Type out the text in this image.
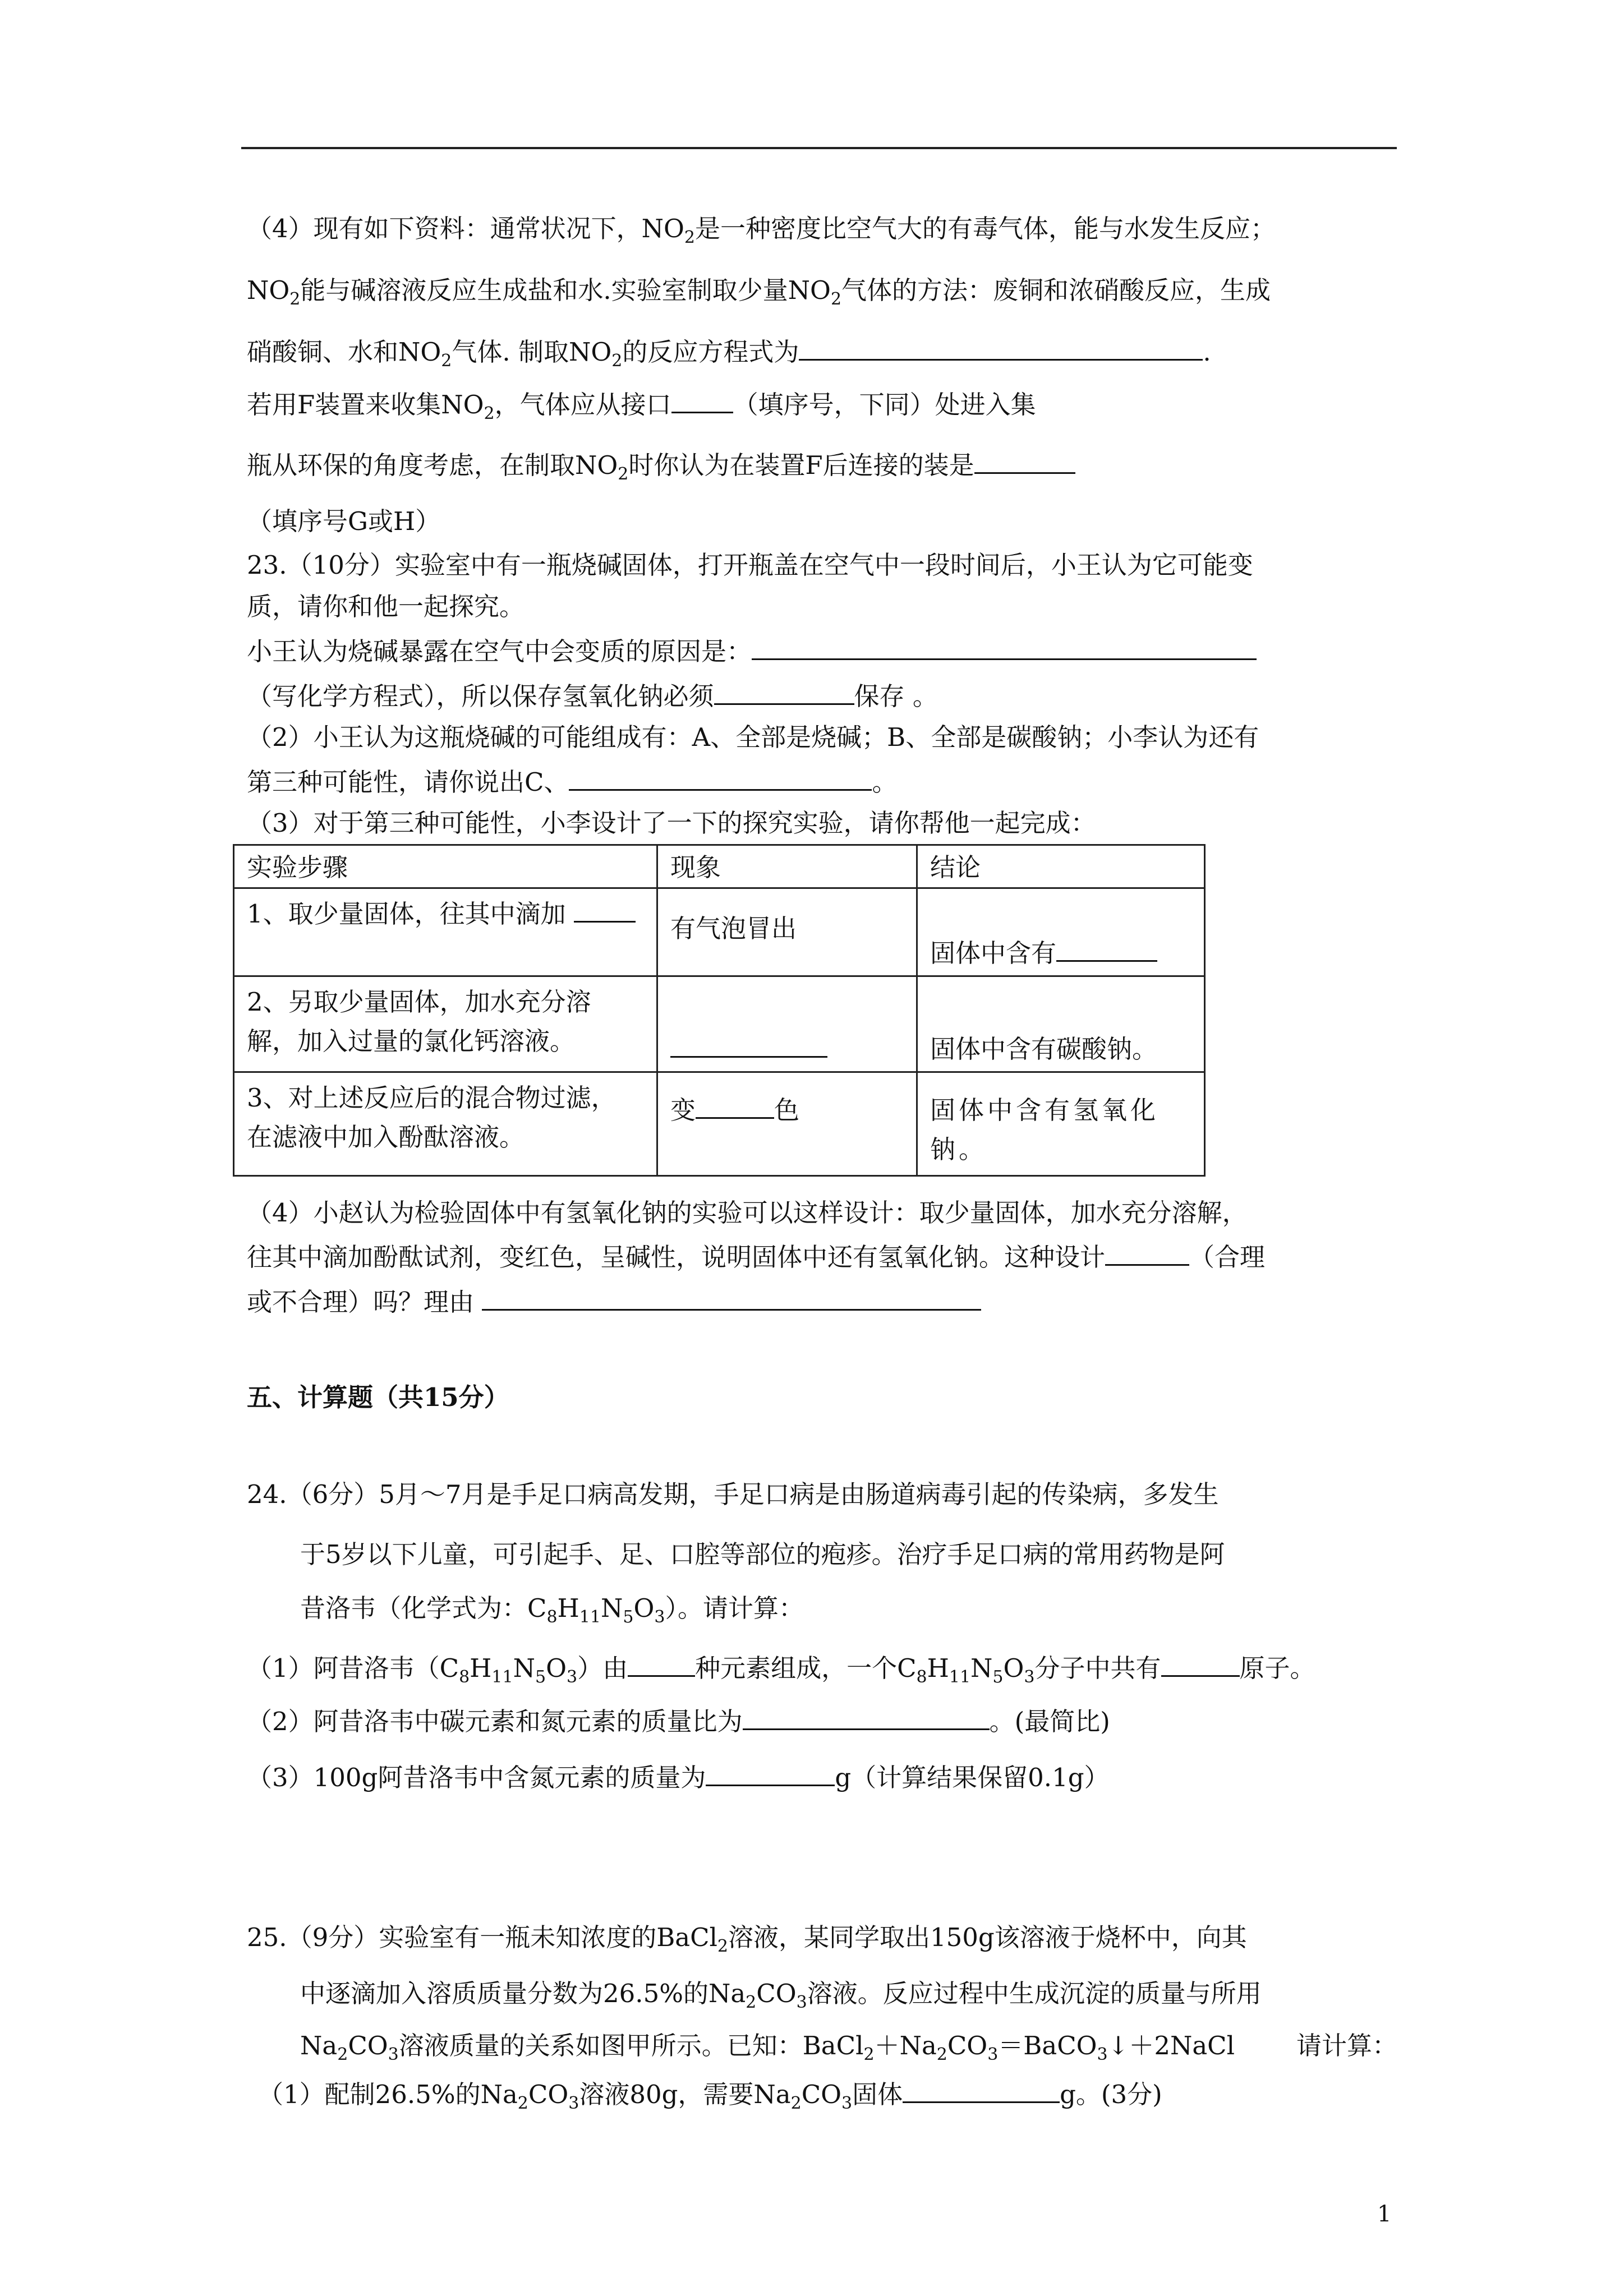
（4）现有如下资料：通常状况下，$NO_2$是一种密度比空气大的有毒气体，能与水发生反应；
$NO_2$能与碱溶液反应生成盐和水.实验室制取少量$NO_2$气体的方法：废铜和浓硝酸反应，生成
硝酸铜、水和$NO_2$气体. 制取$NO_2$的反应方程式为	.
若用F装置来收集$NO_2$，气体应从接口 （填序号，下同）处进入集
瓶从环保的角度考虑，在制取$NO_2$时你认为在装置F后连接的装是
（填序号G或H）
23.（10分）实验室中有一瓶烧碱固体，打开瓶盖在空气中一段时间后，小王认为它可能变
质，请你和他一起探究。
小王认为烧碱暴露在空气中会变质的原因是：
（写化学方程式），所以保存氢氧化钠必须	保存 。
（2）小王认为这瓶烧碱的可能组成有：A、全部是烧碱；B、全部是碳酸钠；小李认为还有
第三种可能性，请你说出C、	。
（3）对于第三种可能性，小李设计了一下的探究实验，请你帮他一起完成：
实验步骤	现象	结论
1、取少量固体，往其中滴加	有气泡冒出	固体中含有
2、另取少量固体，加水充分溶
解，加入过量的氯化钙溶液。		固体中含有碳酸钠。
3、对上述反应后的混合物过滤，
在滤液中加入酚酞溶液。	变 色	固体中含有氢氧化
钠。
（4）小赵认为检验固体中有氢氧化钠的实验可以这样设计：取少量固体，加水充分溶解，
往其中滴加酚酞试剂，变红色，呈碱性，说明固体中还有氢氧化钠。这种设计	（合理
或不合理）吗？理由
五、计算题（共15分）
24.（6分）5月～7月是手足口病高发期，手足口病是由肠道病毒引起的传染病，多发生
于5岁以下儿童，可引起手、足、口腔等部位的疱疹。治疗手足口病的常用药物是阿
昔洛韦（化学式为：$C_8H_{11}N_5O_3$）。请计算：
（1）阿昔洛韦$(C_8H_{11}N_5O_3)$由	种元素组成，一个$C_8H_{11}N_5O_3$分子中共有	原子。
（2）阿昔洛韦中碳元素和氮元素的质量比为	。(最简比)
（3）100g阿昔洛韦中含氮元素的质量为	g（计算结果保留0.1g）
25.（9分）实验室有一瓶未知浓度的BaCl$_2$溶液，某同学取出150g该溶液于烧杯中，向其
中逐滴加入溶质质量分数为26.5%的$Na_2CO_3$溶液。反应过程中生成沉淀的质量与所用
$Na_2CO_3$溶液质量的关系如图甲所示。已知：$BaCl_2+Na_2CO_3=BaCO_3↓+2NaCl$ 请计算：
（1）配制26.5%的$Na_2CO_3$溶液80g，需要$Na_2CO_3$固体	g。(3分)
1
